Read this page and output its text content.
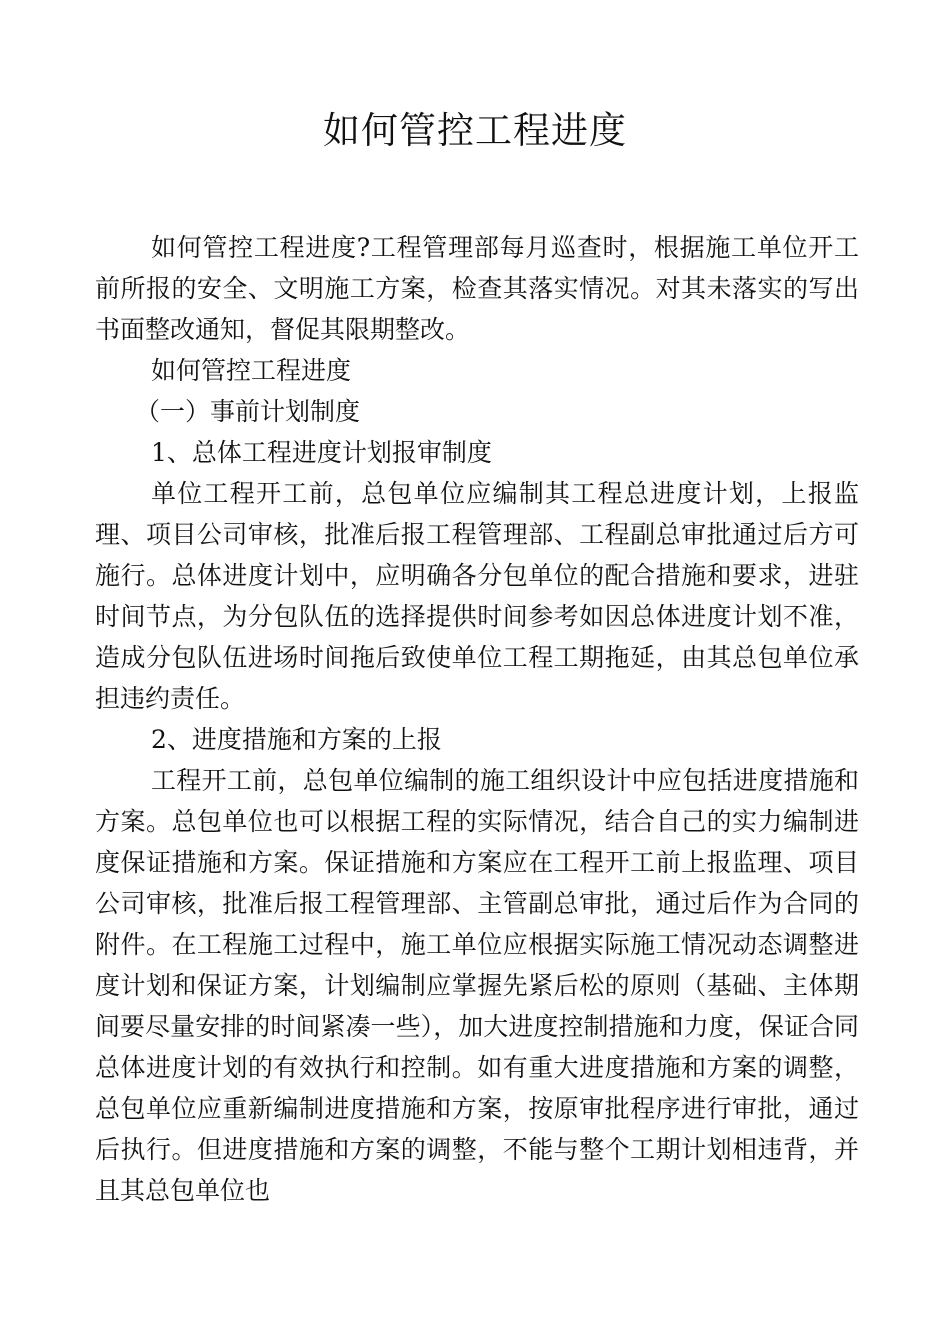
如何管控工程进度

如何管控工程进度?工程管理部每月巡查时，根据施工单位开工前所报的安全、文明施工方案，检查其落实情况。对其未落实的写出书面整改通知，督促其限期整改。

如何管控工程进度

（一）事前计划制度

1、总体工程进度计划报审制度

单位工程开工前，总包单位应编制其工程总进度计划，上报监理、项目公司审核，批准后报工程管理部、工程副总审批通过后方可施行。总体进度计划中，应明确各分包单位的配合措施和要求，进驻时间节点，为分包队伍的选择提供时间参考如因总体进度计划不准，造成分包队伍进场时间拖后致使单位工程工期拖延，由其总包单位承担违约责任。

2、进度措施和方案的上报

工程开工前，总包单位编制的施工组织设计中应包括进度措施和方案。总包单位也可以根据工程的实际情况，结合自己的实力编制进度保证措施和方案。保证措施和方案应在工程开工前上报监理、项目公司审核，批准后报工程管理部、主管副总审批，通过后作为合同的附件。在工程施工过程中，施工单位应根据实际施工情况动态调整进度计划和保证方案，计划编制应掌握先紧后松的原则（基础、主体期间要尽量安排的时间紧凑一些），加大进度控制措施和力度，保证合同总体进度计划的有效执行和控制。如有重大进度措施和方案的调整，总包单位应重新编制进度措施和方案，按原审批程序进行审批，通过后执行。但进度措施和方案的调整，不能与整个工期计划相违背，并且其总包单位也
